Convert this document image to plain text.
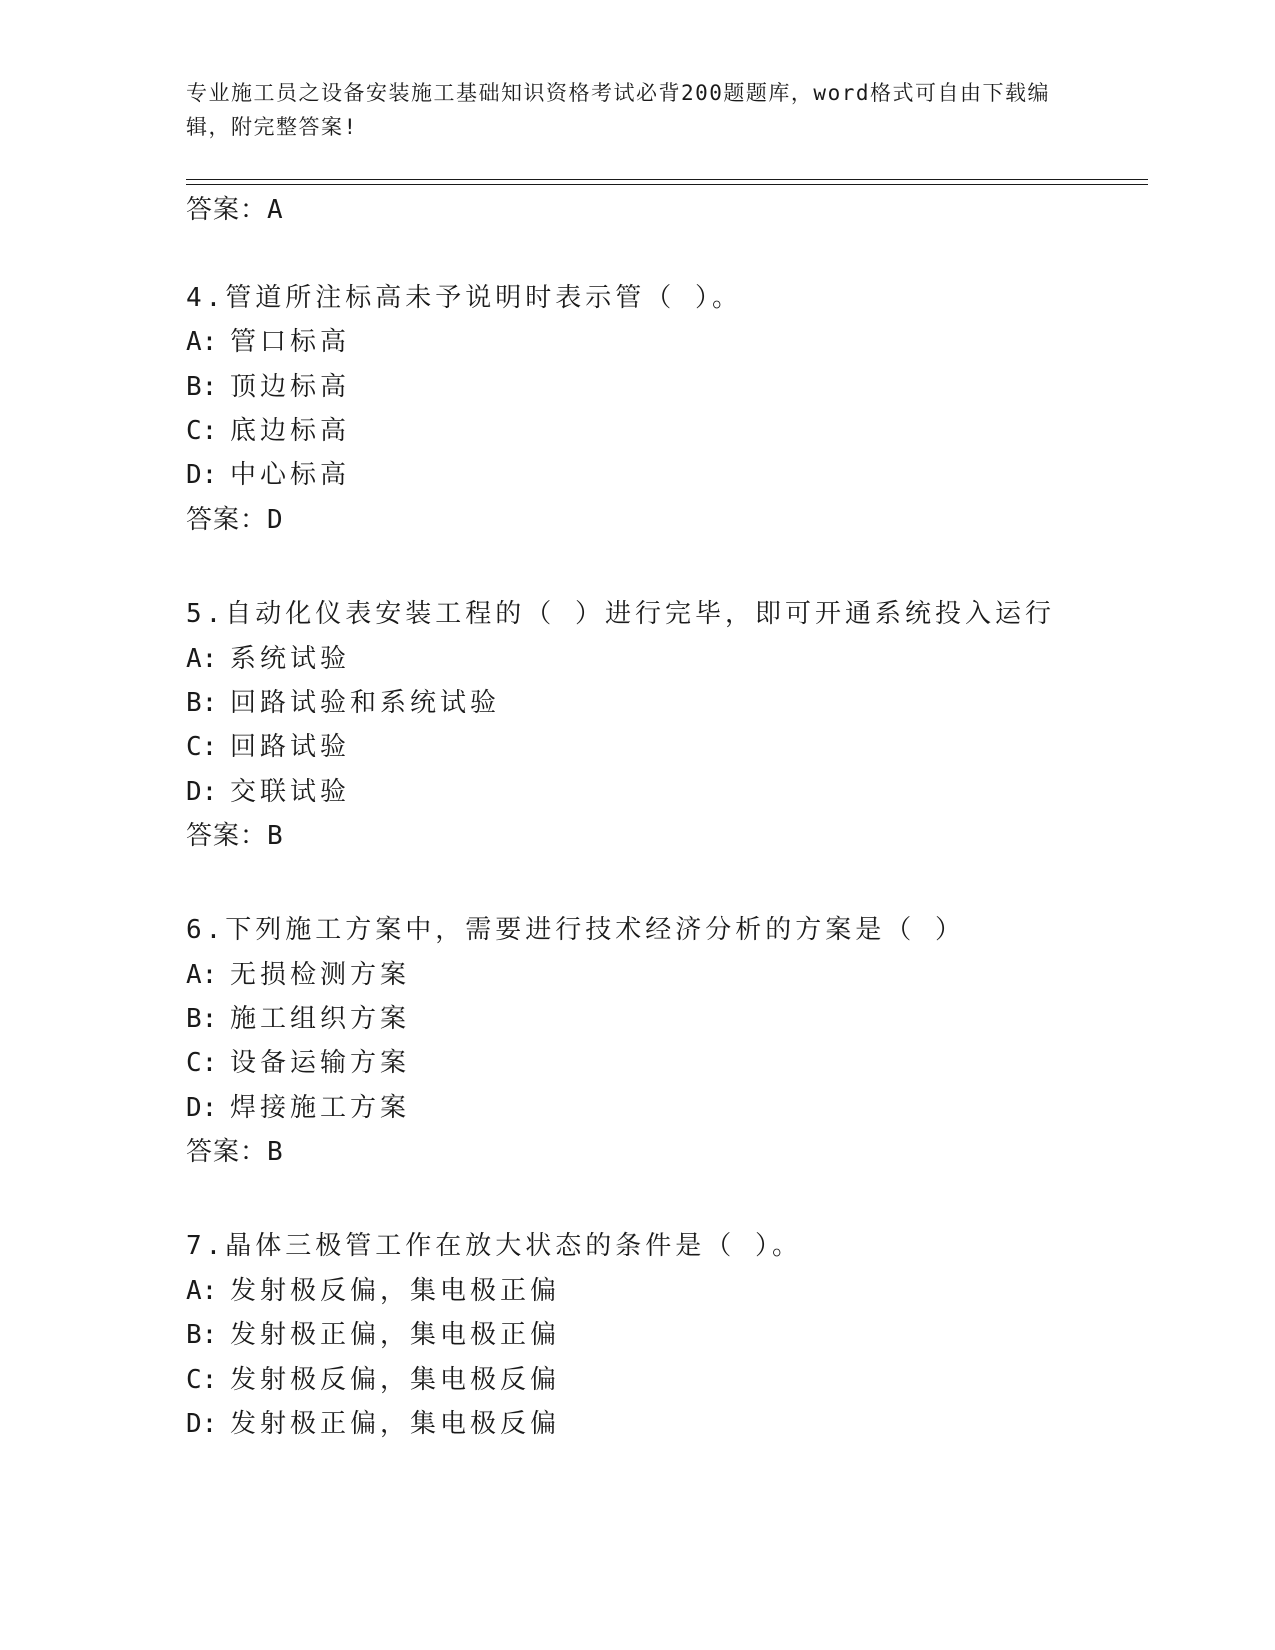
专业施工员之设备安装施工基础知识资格考试必背200题题库，word格式可自由下载编辑，附完整答案!
答案：A
4.管道所注标高未予说明时表示管（ ）。
A: 管口标高
B: 顶边标高
C: 底边标高
D: 中心标高
答案：D
5.自动化仪表安装工程的（ ）进行完毕，即可开通系统投入运行
A: 系统试验
B: 回路试验和系统试验
C: 回路试验
D: 交联试验
答案：B
6.下列施工方案中，需要进行技术经济分析的方案是（ ）
A: 无损检测方案
B: 施工组织方案
C: 设备运输方案
D: 焊接施工方案
答案：B
7.晶体三极管工作在放大状态的条件是（ ）。
A: 发射极反偏，集电极正偏
B: 发射极正偏，集电极正偏
C: 发射极反偏，集电极反偏
D: 发射极正偏，集电极反偏
